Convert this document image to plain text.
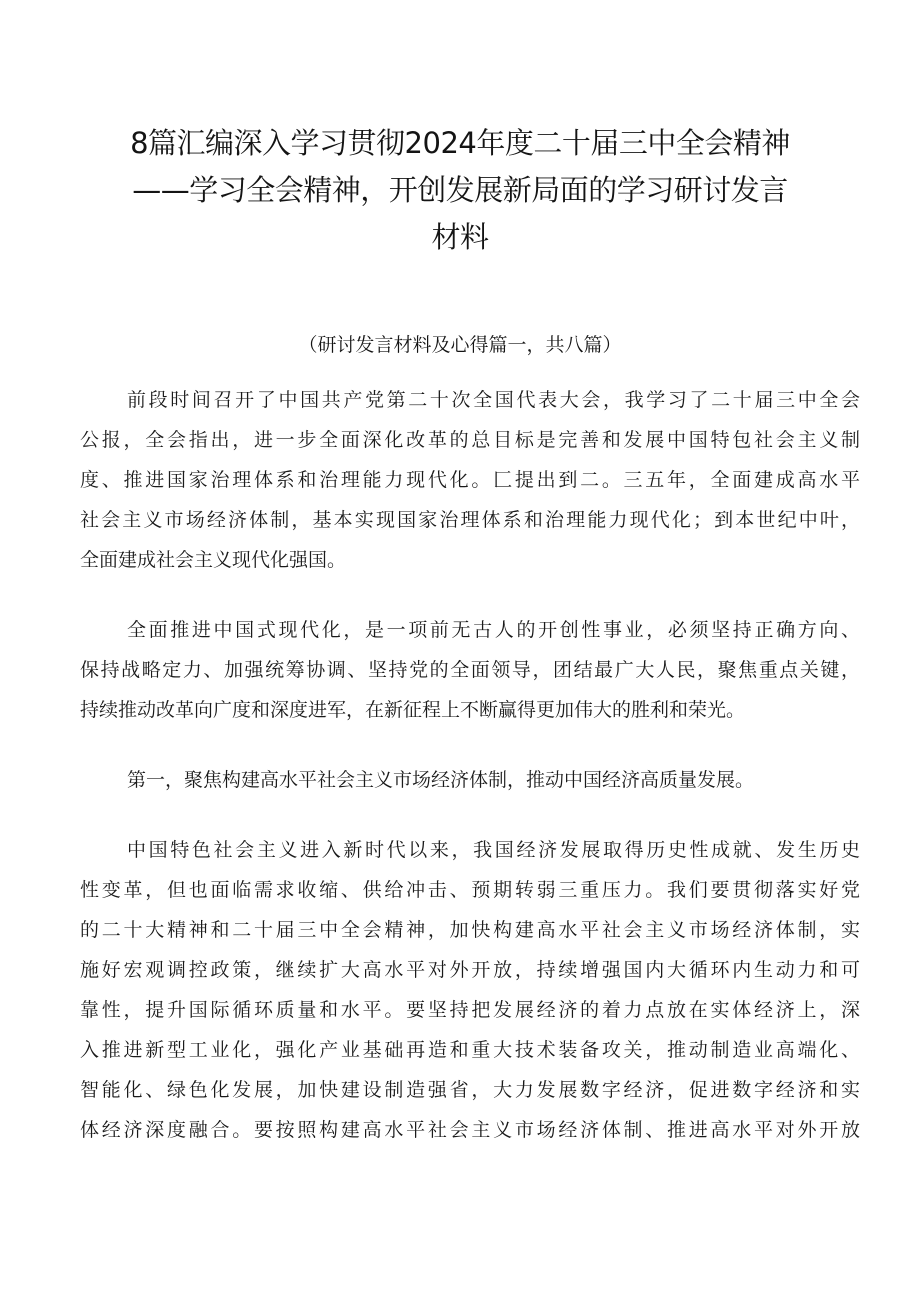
8篇汇编深入学习贯彻2024年度二十届三中全会精神
——学习全会精神，开创发展新局面的学习研讨发言
材料
（研讨发言材料及心得篇一，共八篇）
前段时间召开了中国共产党第二十次全国代表大会，我学习了二十届三中全会
公报，全会指出，进一步全面深化改革的总目标是完善和发展中国特包社会主义制
度、推进国家治理体系和治理能力现代化。匚提出到二。三五年，全面建成高水平
社会主义市场经济体制，基本实现国家治理体系和治理能力现代化；到本世纪中叶，
全面建成社会主义现代化强国。
全面推进中国式现代化，是一项前无古人的开创性事业，必须坚持正确方向、
保持战略定力、加强统筹协调、坚持党的全面领导，团结最广大人民，聚焦重点关键，
持续推动改革向广度和深度进军，在新征程上不断赢得更加伟大的胜利和荣光。
第一，聚焦构建高水平社会主义市场经济体制，推动中国经济高质量发展。
中国特色社会主义进入新时代以来，我国经济发展取得历史性成就、发生历史
性变革，但也面临需求收缩、供给冲击、预期转弱三重压力。我们要贯彻落实好党
的二十大精神和二十届三中全会精神，加快构建高水平社会主义市场经济体制，实
施好宏观调控政策，继续扩大高水平对外开放，持续增强国内大循环内生动力和可
靠性，提升国际循环质量和水平。要坚持把发展经济的着力点放在实体经济上，深
入推进新型工业化，强化产业基础再造和重大技术装备攻关，推动制造业高端化、
智能化、绿色化发展，加快建设制造强省，大力发展数字经济，促进数字经济和实
体经济深度融合。要按照构建高水平社会主义市场经济体制、推进高水平对外开放
